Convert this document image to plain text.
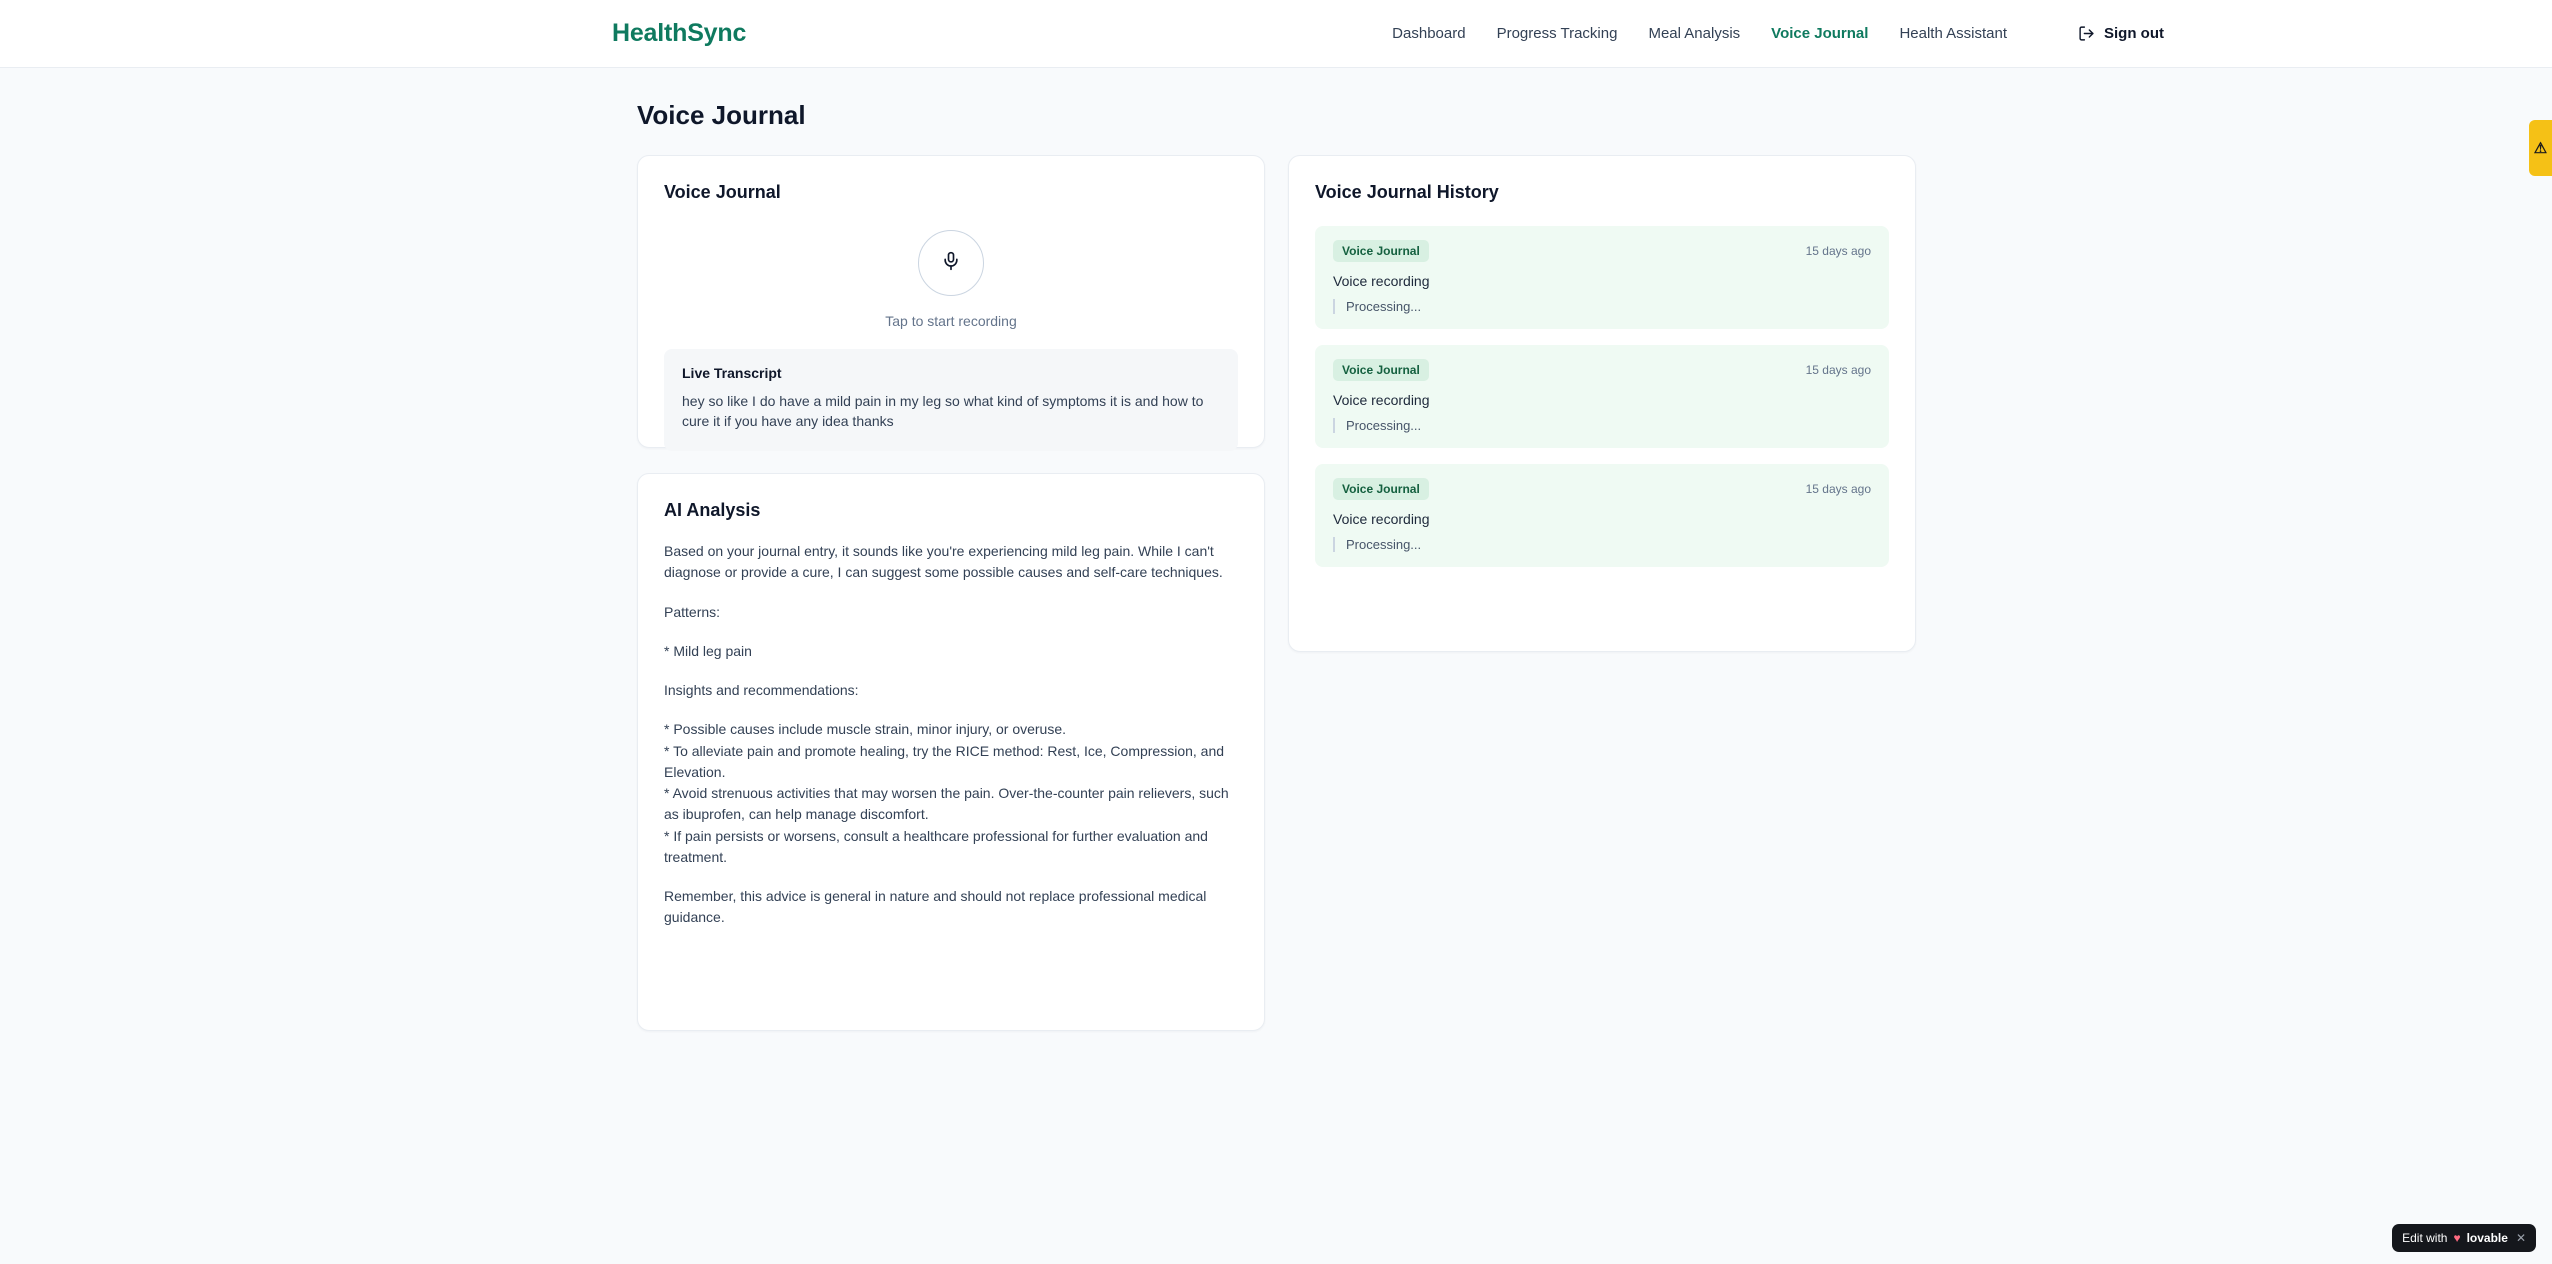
HealthSync	Dashboard Progress Tracking Meal Analysis Voice Journal Health Assistant	Sign out
Voice Journal
Voice Journal
Tap to start recording
Live Transcript
hey so like I do have a mild pain in my leg so what kind of symptoms it is and how to cure it if you have any idea thanks
AI Analysis

Based on your journal entry, it sounds like you're experiencing mild leg pain. While I can't diagnose or provide a cure, I can suggest some possible causes and self-care techniques.

Patterns:

* Mild leg pain

Insights and recommendations:

* Possible causes include muscle strain, minor injury, or overuse.
* To alleviate pain and promote healing, try the RICE method: Rest, Ice, Compression, and Elevation.
* Avoid strenuous activities that may worsen the pain. Over-the-counter pain relievers, such as ibuprofen, can help manage discomfort.
* If pain persists or worsens, consult a healthcare professional for further evaluation and treatment.

Remember, this advice is general in nature and should not replace professional medical guidance.

Voice Journal History
Voice Journal	15 days ago
Voice recording
Processing...
Voice Journal	15 days ago
Voice recording
Processing...
Voice Journal	15 days ago
Voice recording
Processing...
⚠
Edit with ♥ lovable ✕
